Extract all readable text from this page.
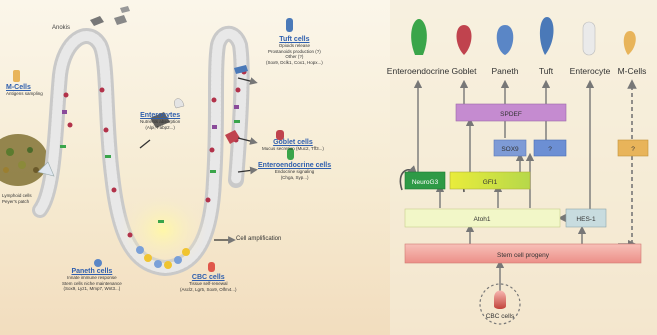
Enteroendocrine Goblet Paneth Tuft Enterocyte M-Cells
SPDEF
SOX9	?	?
NeuroG3	GFI1
Atoh1	HES-1
Stem cell progeny
CBC cells
Anokis
M-Cells
Antigens sampling
Lymphoid cells
Peyer's patch
Enterocytes
Nutrients absorption
(Alpi, Fabp2...)
Tuft cells
Opioids release
Prostanoids production (?)
Other (?)
(Sox9, Dclk1, Cox1, Hopx...)
Goblet cells
Mucus secretion (Muc2, Tff3...)
Enteroendocrine cells
Endocrine signaling
(Chga, Syp...)
Cell amplification
Paneth cells
Innate immune response
Stem cells niche maintenance
(Sox9, Lyz1, Mmp7, Wnt3...)
CBC cells
Tissue self-renewal
(Ascl2, Lgr5, Sox9, Olfm4...)
